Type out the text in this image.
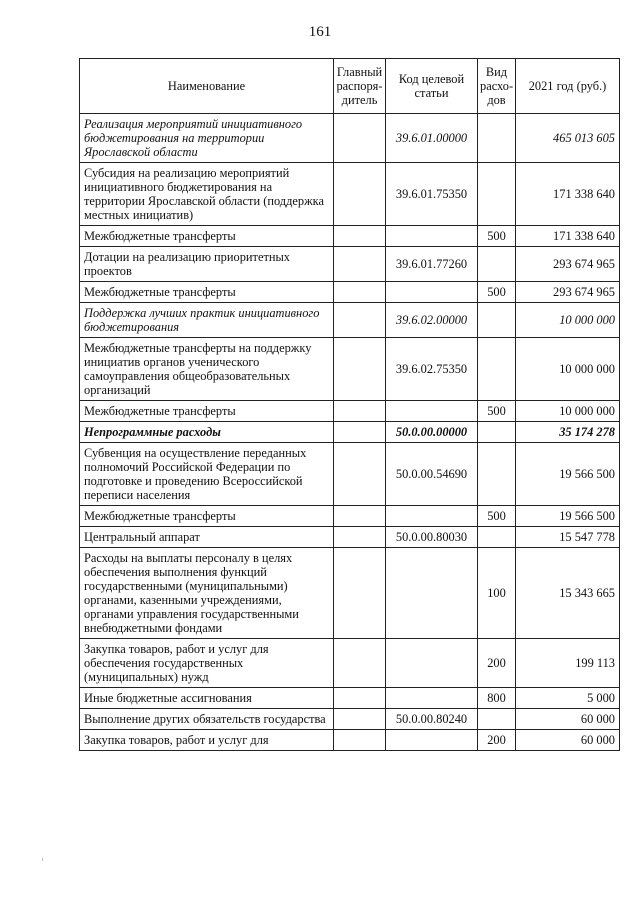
161
Наименование	Главный распоря-дитель	Код целевой статьи	Вид расхо-дов	2021 год (руб.)
Реализация мероприятий инициативного бюджетирования на территории Ярославской области		39.6.01.00000		465 013 605
Субсидия на реализацию мероприятий инициативного бюджетирования на территории Ярославской области (поддержка местных инициатив)		39.6.01.75350		171 338 640
Межбюджетные трансферты			500	171 338 640
Дотации на реализацию приоритетных проектов		39.6.01.77260		293 674 965
Межбюджетные трансферты			500	293 674 965
Поддержка лучших практик инициативного бюджетирования		39.6.02.00000		10 000 000
Межбюджетные трансферты на поддержку инициатив органов ученического самоуправления общеобразовательных организаций		39.6.02.75350		10 000 000
Межбюджетные трансферты			500	10 000 000
Непрограммные расходы		50.0.00.00000		35 174 278
Субвенция на осуществление переданных полномочий Российской Федерации по подготовке и проведению Всероссийской переписи населения		50.0.00.54690		19 566 500
Межбюджетные трансферты			500	19 566 500
Центральный аппарат		50.0.00.80030		15 547 778
Расходы на выплаты персоналу в целях обеспечения выполнения функций государственными (муниципальными) органами, казенными учреждениями, органами управления государственными внебюджетными фондами			100	15 343 665
Закупка товаров, работ и услуг для обеспечения государственных (муниципальных) нужд			200	199 113
Иные бюджетные ассигнования			800	5 000
Выполнение других обязательств государства		50.0.00.80240		60 000
Закупка товаров, работ и услуг для			200	60 000
